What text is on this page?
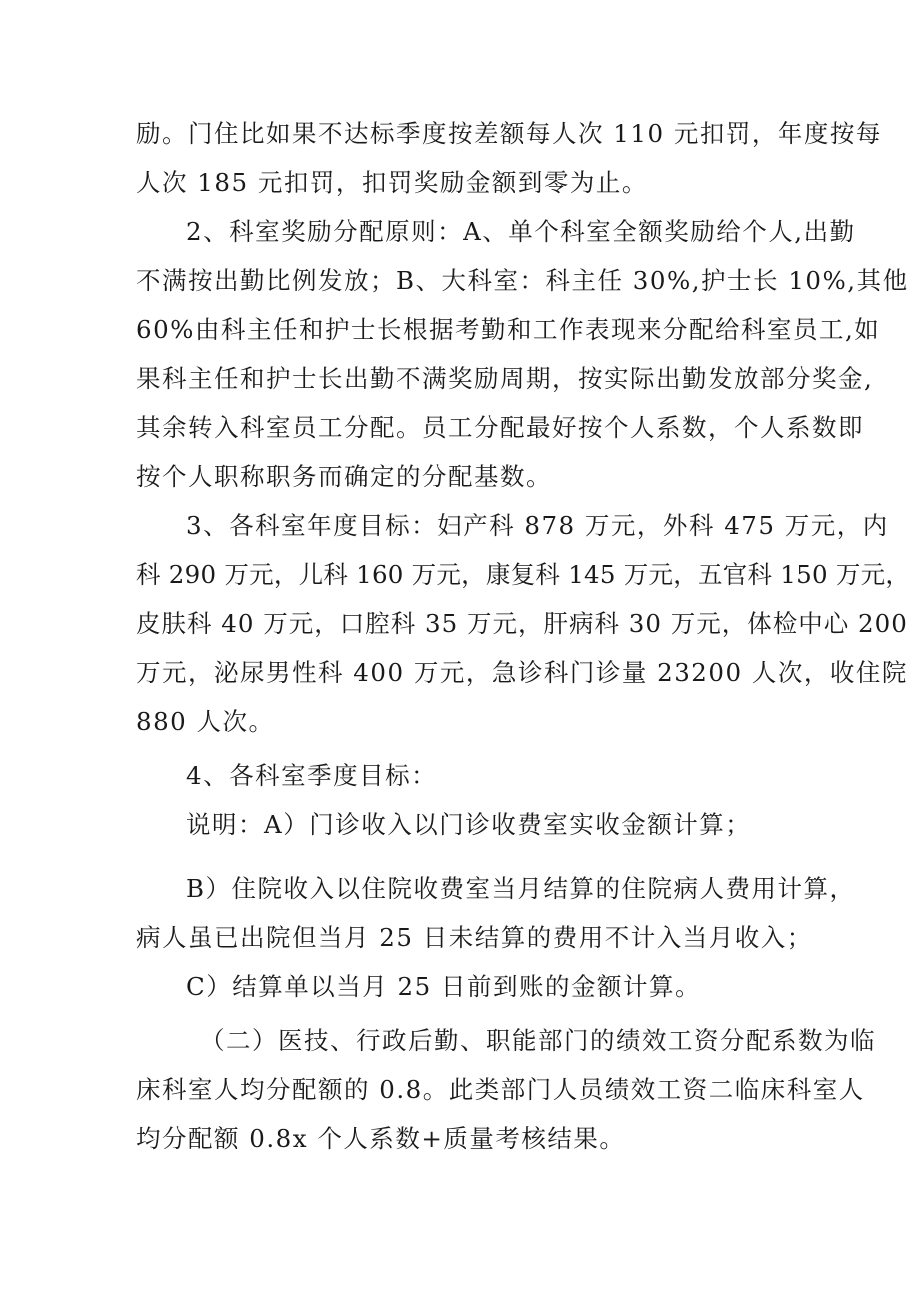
励。门住比如果不达标季度按差额每人次 110 元扣罚，年度按每
人次 185 元扣罚，扣罚奖励金额到零为止。
2、科室奖励分配原则：A、单个科室全额奖励给个人,出勤
不满按出勤比例发放；B、大科室：科主任 30%,护士长 10%,其他
60%由科主任和护士长根据考勤和工作表现来分配给科室员工,如
果科主任和护士长出勤不满奖励周期，按实际出勤发放部分奖金,
其余转入科室员工分配。员工分配最好按个人系数，个人系数即
按个人职称职务而确定的分配基数。
3、各科室年度目标：妇产科 878 万元，外科 475 万元，内
科 290 万元，儿科 160 万元，康复科 145 万元，五官科 150 万元，
皮肤科 40 万元，口腔科 35 万元，肝病科 30 万元，体检中心 200
万元，泌尿男性科 400 万元，急诊科门诊量 23200 人次，收住院
880 人次。
4、各科室季度目标：
说明：A）门诊收入以门诊收费室实收金额计算；
B）住院收入以住院收费室当月结算的住院病人费用计算，
病人虽已出院但当月 25 日未结算的费用不计入当月收入；
C）结算单以当月 25 日前到账的金额计算。
（二）医技、行政后勤、职能部门的绩效工资分配系数为临
床科室人均分配额的 0.8。此类部门人员绩效工资二临床科室人
均分配额 0.8x 个人系数+质量考核结果。
